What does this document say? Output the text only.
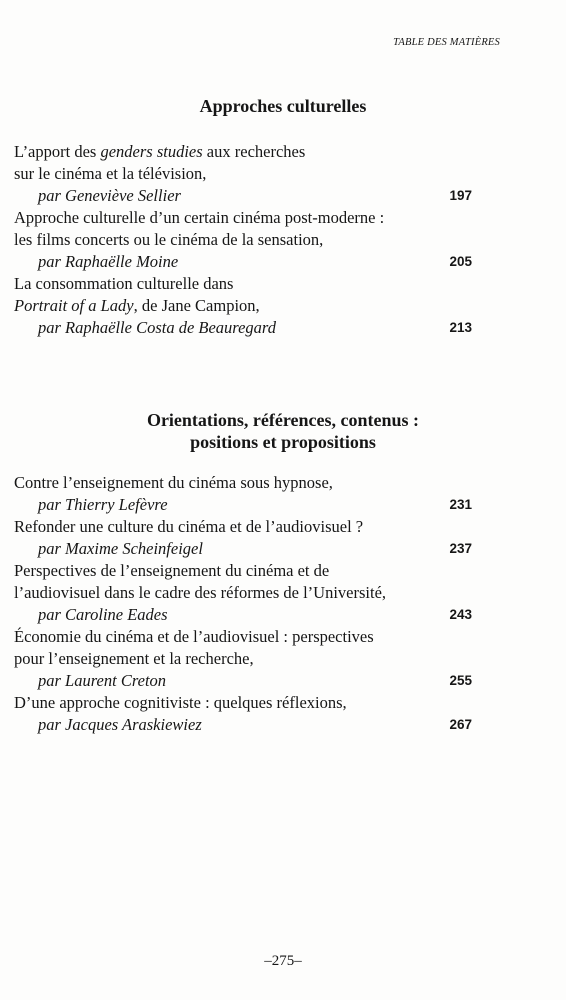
TABLE DES MATIÈRES
Approches culturelles
L’apport des genders studies aux recherches
sur le cinéma et la télévision,
par Geneviève Sellier	197
Approche culturelle d’un certain cinéma post-moderne :
les films concerts ou le cinéma de la sensation,
par Raphaëlle Moine	205
La consommation culturelle dans
Portrait of a Lady, de Jane Campion,
par Raphaëlle Costa de Beauregard	213
Orientations, références, contenus :
positions et propositions
Contre l’enseignement du cinéma sous hypnose,
par Thierry Lefèvre	231
Refonder une culture du cinéma et de l’audiovisuel ?
par Maxime Scheinfeigel	237
Perspectives de l’enseignement du cinéma et de
l’audiovisuel dans le cadre des réformes de l’Université,
par Caroline Eades	243
Économie du cinéma et de l’audiovisuel : perspectives
pour l’enseignement et la recherche,
par Laurent Creton	255
D’une approche cognitiviste : quelques réflexions,
par Jacques Araskiewiez	267
–275–
